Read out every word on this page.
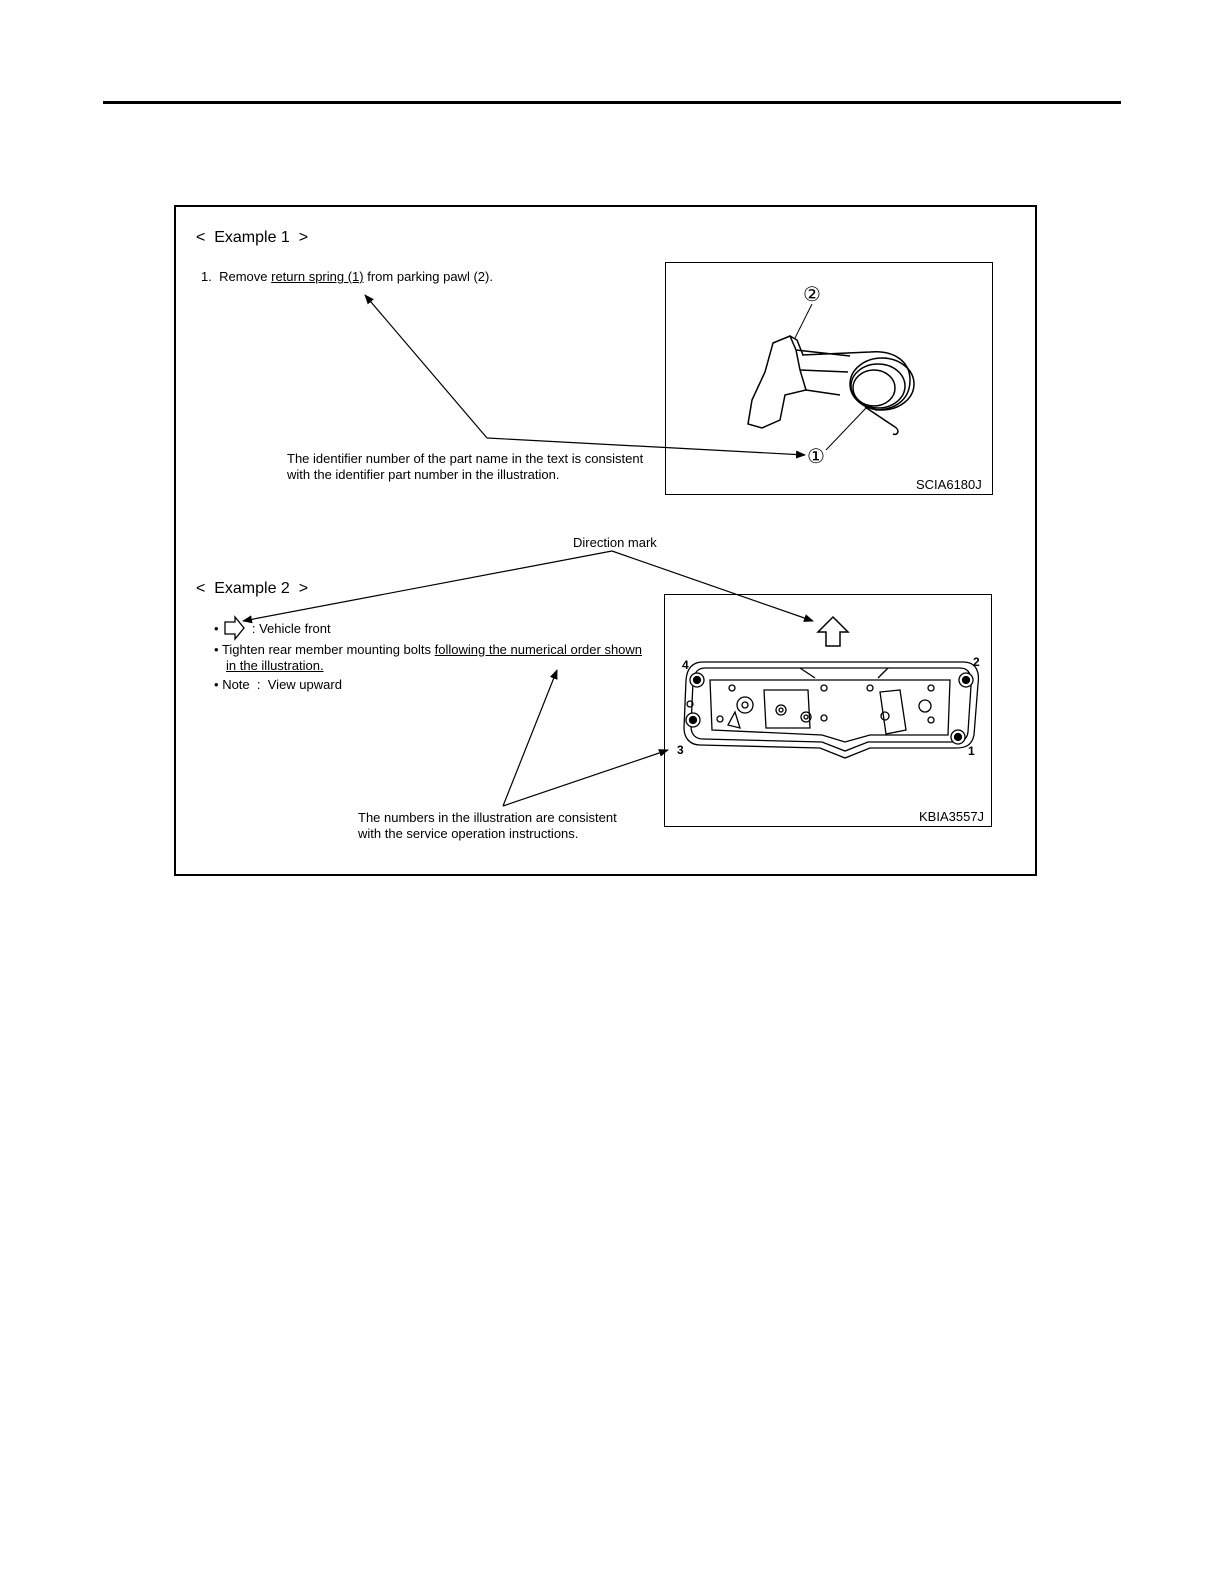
< Example 1 >
1. Remove return spring (1) from parking pawl (2).
The identifier number of the part name in the text is consistent
with the identifier part number in the illustration.
SCIA6180J
Direction mark
< Example 2 >
•	: Vehicle front
• Tighten rear member mounting bolts following the numerical order shown
in the illustration.
• Note : View upward
The numbers in the illustration are consistent
with the service operation instructions.
KBIA3557J
1
2
3
4
②
①
